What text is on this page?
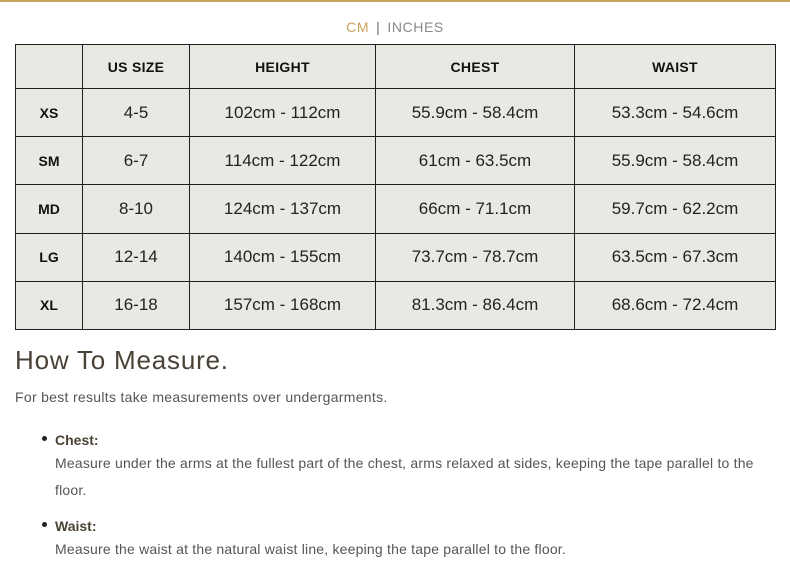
CM | INCHES
	US SIZE	HEIGHT	CHEST	WAIST
XS	4-5	102cm - 112cm	55.9cm - 58.4cm	53.3cm - 54.6cm
SM	6-7	114cm - 122cm	61cm - 63.5cm	55.9cm - 58.4cm
MD	8-10	124cm - 137cm	66cm - 71.1cm	59.7cm - 62.2cm
LG	12-14	140cm - 155cm	73.7cm - 78.7cm	63.5cm - 67.3cm
XL	16-18	157cm - 168cm	81.3cm - 86.4cm	68.6cm - 72.4cm
How To Measure.

For best results take measurements over undergarments.

Chest:
Measure under the arms at the fullest part of the chest, arms relaxed at sides, keeping the tape parallel to the floor.
Waist:
Measure the waist at the natural waist line, keeping the tape parallel to the floor.
